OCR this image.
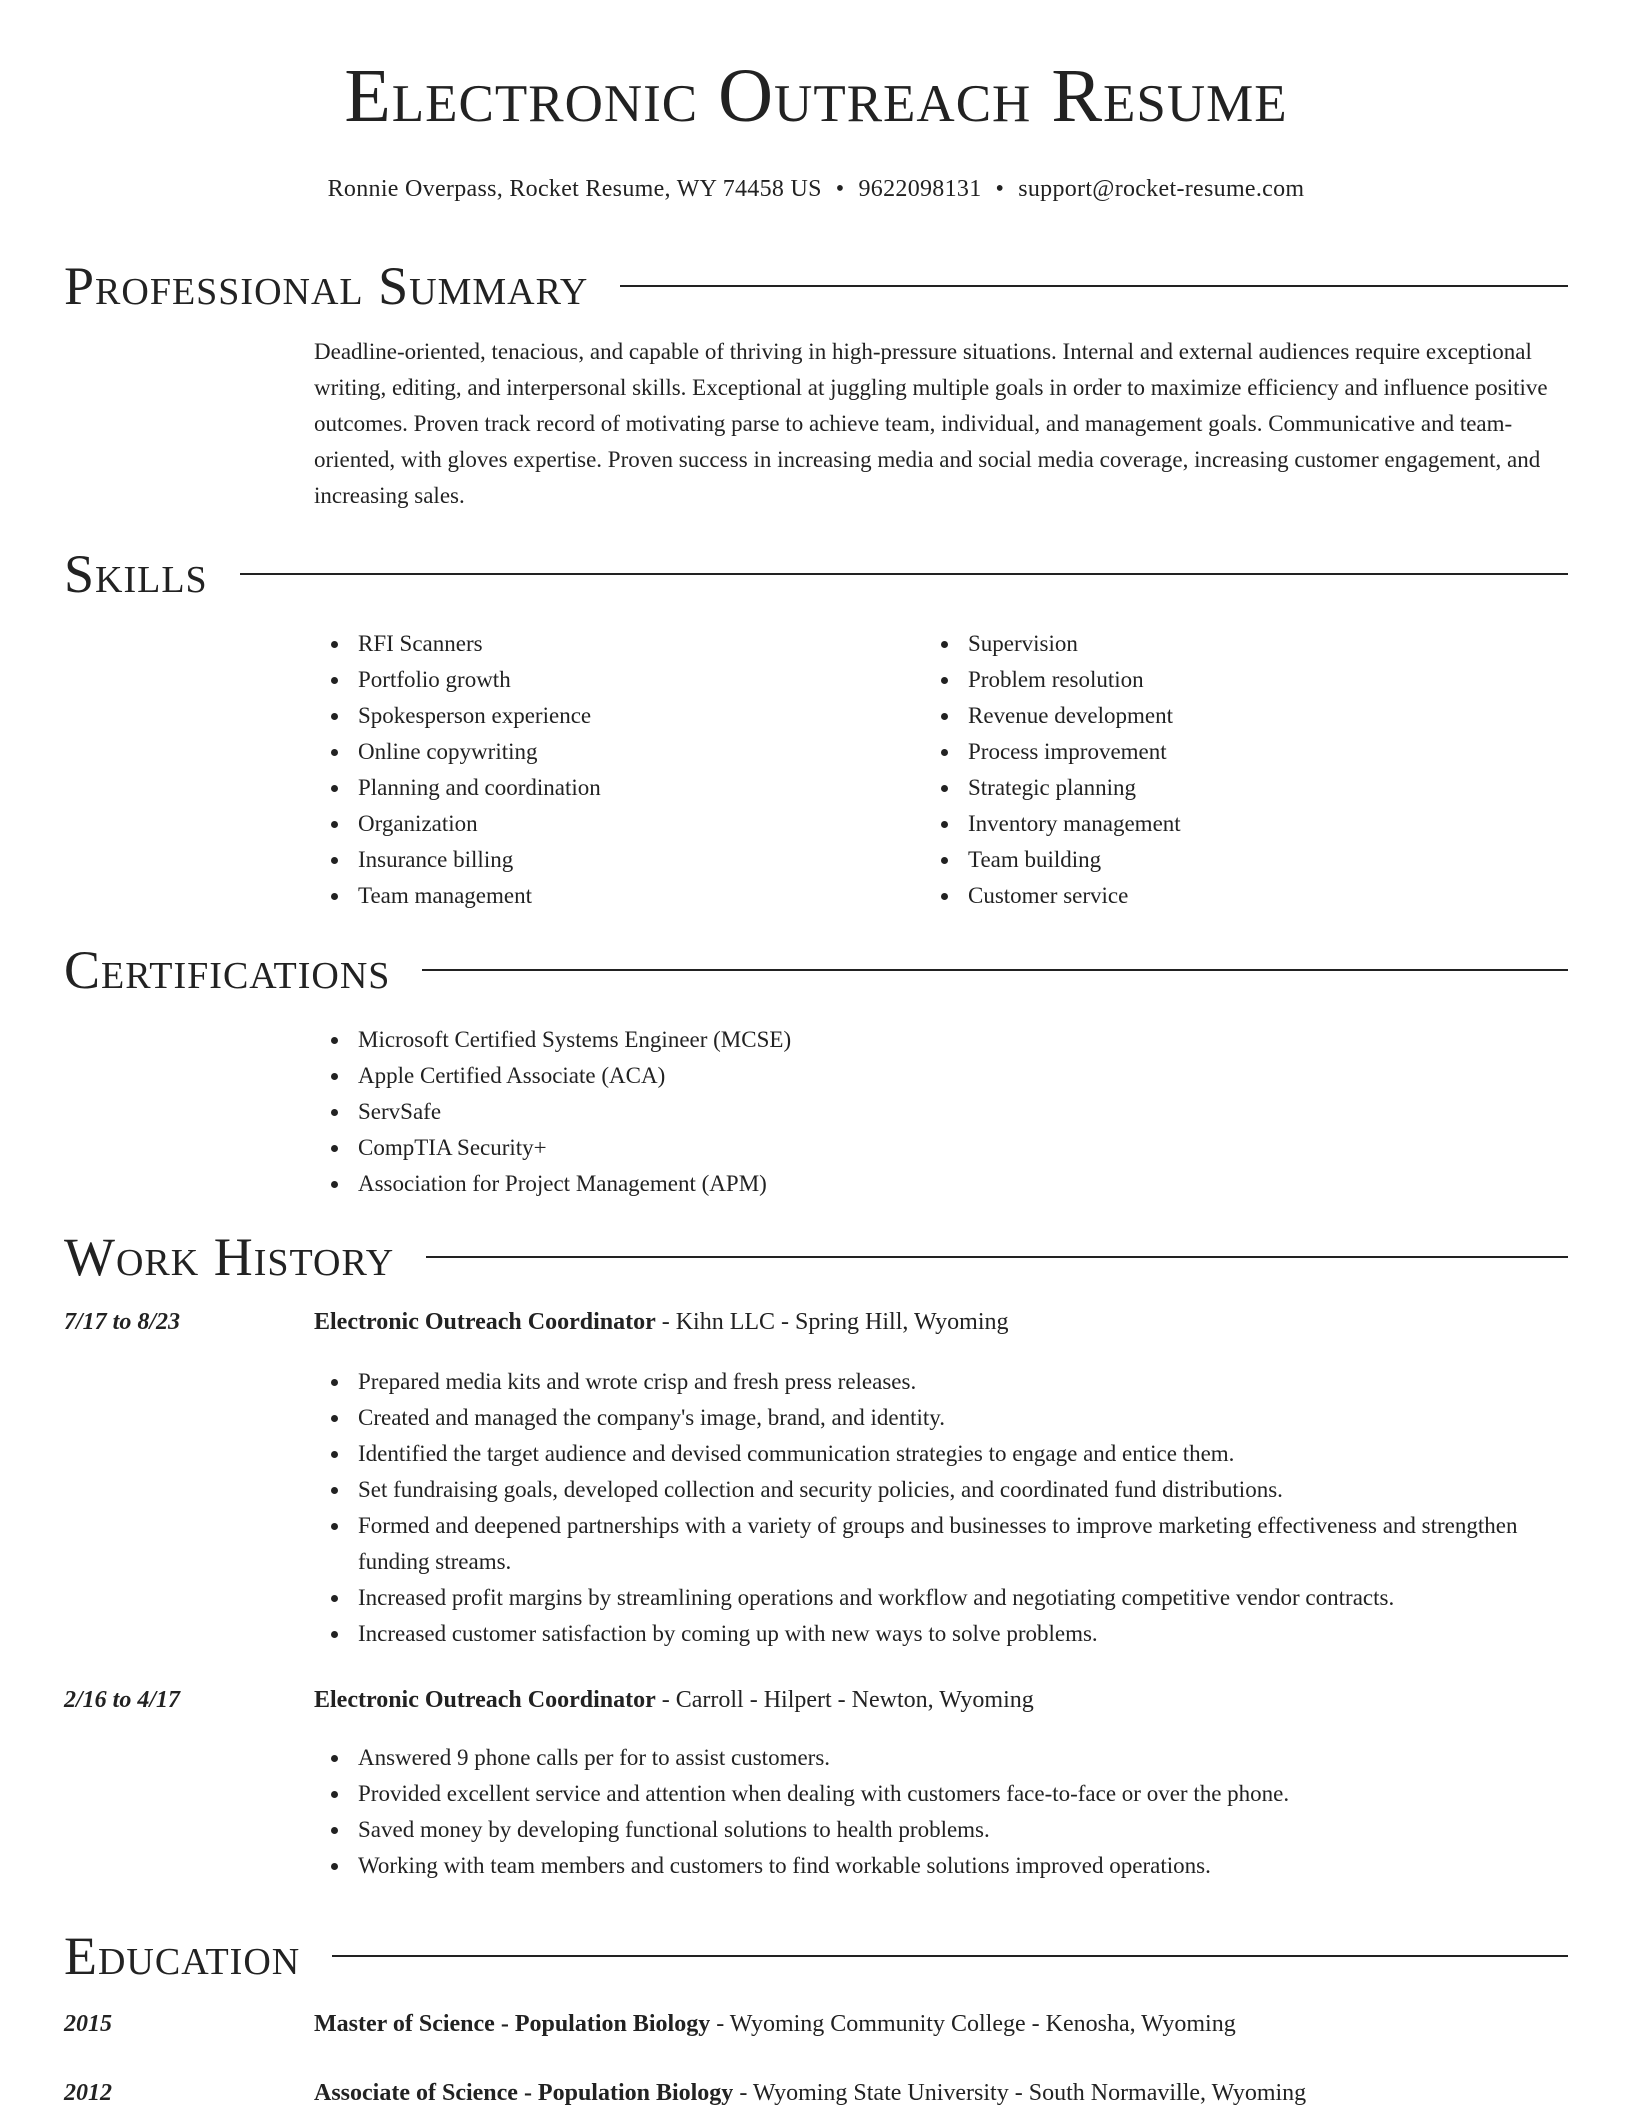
Electronic Outreach Resume
Ronnie Overpass, Rocket Resume, WY 74458 US • 9622098131 • support@rocket-resume.com
Professional Summary

Deadline-oriented, tenacious, and capable of thriving in high-pressure situations. Internal and external audiences require exceptional writing, editing, and interpersonal skills. Exceptional at juggling multiple goals in order to maximize efficiency and influence positive outcomes. Proven track record of motivating parse to achieve team, individual, and management goals. Communicative and team-oriented, with gloves expertise. Proven success in increasing media and social media coverage, increasing customer engagement, and increasing sales.

Skills
RFI Scanners
Portfolio growth
Spokesperson experience
Online copywriting
Planning and coordination
Organization
Insurance billing
Team management
Supervision
Problem resolution
Revenue development
Process improvement
Strategic planning
Inventory management
Team building
Customer service
Certifications
Microsoft Certified Systems Engineer (MCSE)
Apple Certified Associate (ACA)
ServSafe
CompTIA Security+
Association for Project Management (APM)
Work History
7/17 to 8/23	Electronic Outreach Coordinator - Kihn LLC - Spring Hill, Wyoming
Prepared media kits and wrote crisp and fresh press releases.
Created and managed the company's image, brand, and identity.
Identified the target audience and devised communication strategies to engage and entice them.
Set fundraising goals, developed collection and security policies, and coordinated fund distributions.
Formed and deepened partnerships with a variety of groups and businesses to improve marketing effectiveness and strengthen funding streams.
Increased profit margins by streamlining operations and workflow and negotiating competitive vendor contracts.
Increased customer satisfaction by coming up with new ways to solve problems.
2/16 to 4/17	Electronic Outreach Coordinator - Carroll - Hilpert - Newton, Wyoming
Answered 9 phone calls per for to assist customers.
Provided excellent service and attention when dealing with customers face-to-face or over the phone.
Saved money by developing functional solutions to health problems.
Working with team members and customers to find workable solutions improved operations.
Education
2015	Master of Science - Population Biology - Wyoming Community College - Kenosha, Wyoming
2012	Associate of Science - Population Biology - Wyoming State University - South Normaville, Wyoming
